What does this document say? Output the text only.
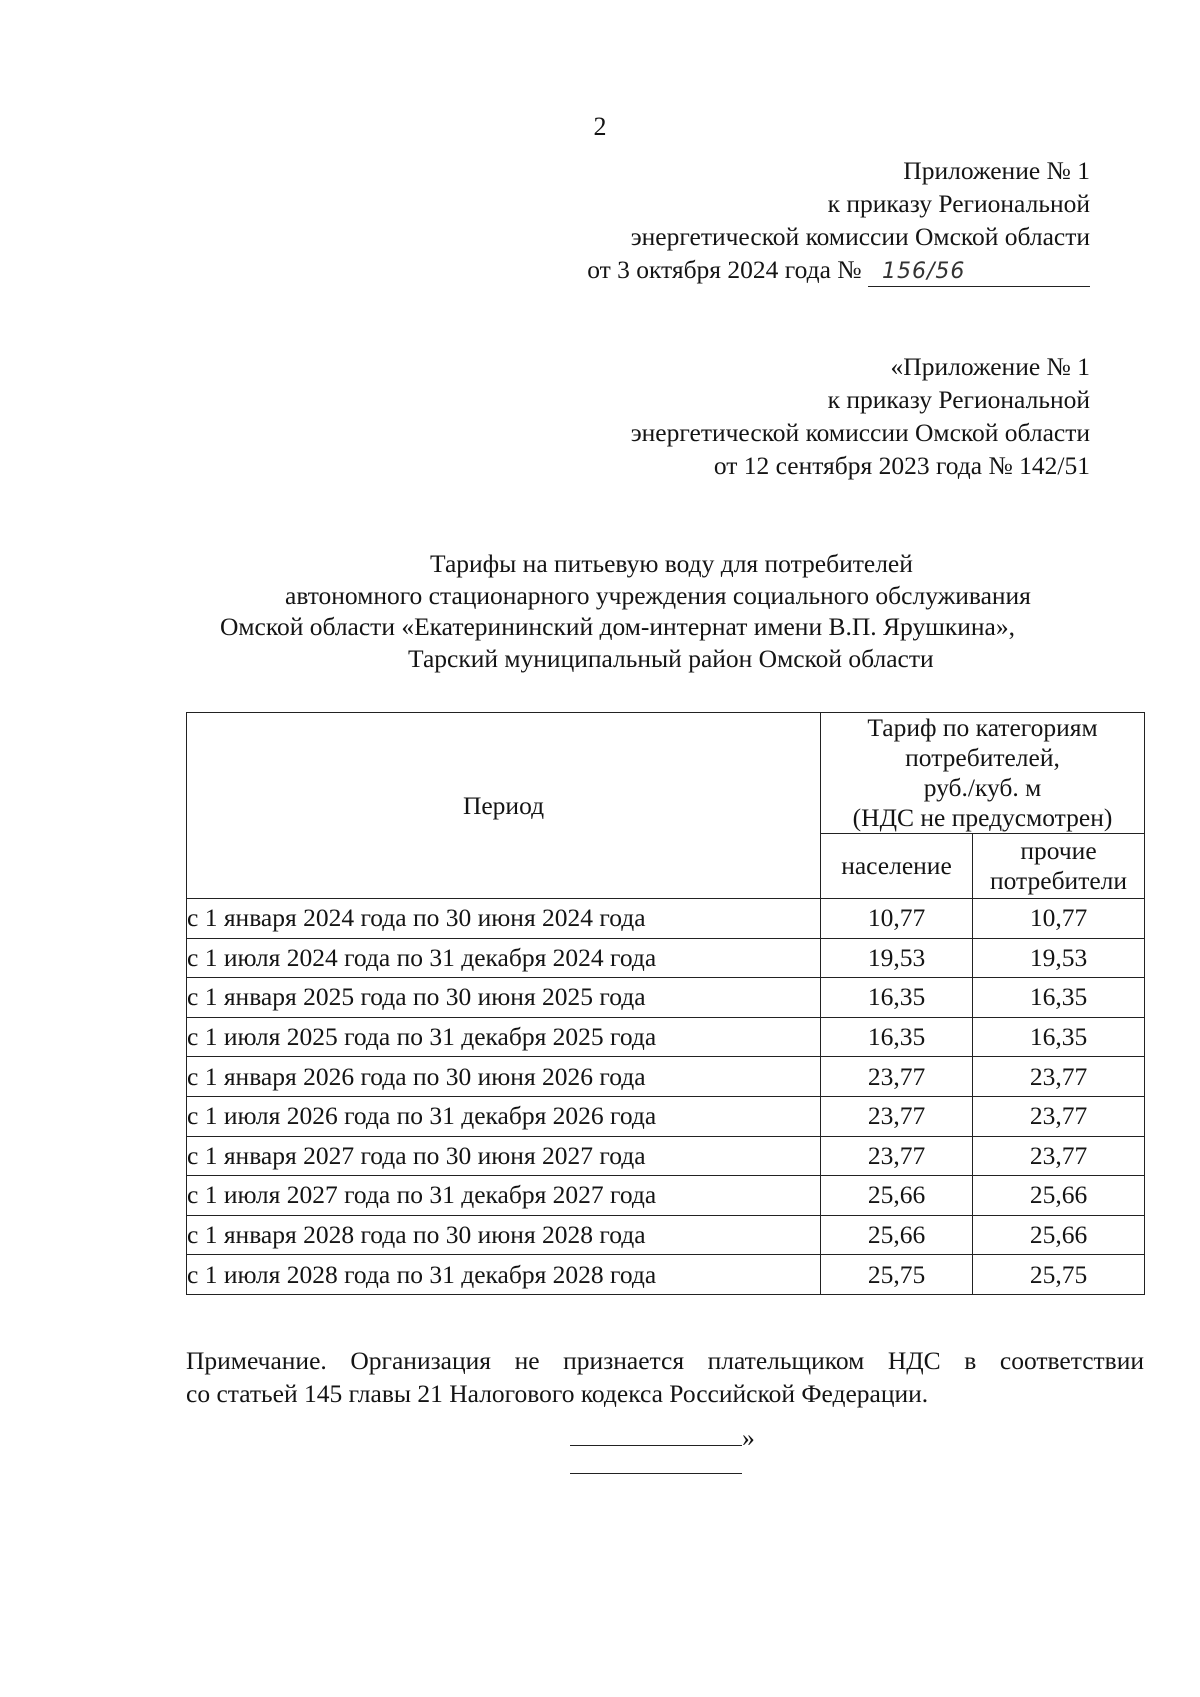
2
Приложение № 1
к приказу Региональной
энергетической комиссии Омской области
от 3 октября 2024 года № 156/56
«Приложение № 1
к приказу Региональной
энергетической комиссии Омской области
от 12 сентября 2023 года № 142/51
Тарифы на питьевую воду для потребителей
автономного стационарного учреждения социального обслуживания
Омской области «Екатерининский дом-интернат имени В.П. Ярушкина»,
Тарский муниципальный район Омской области
Период	Тариф по категориям
потребителей,
руб./куб. м
(НДС не предусмотрен)	

	население	прочие
потребители

с 1 января 2024 года по 30 июня 2024 года	10,77	10,77
с 1 июля 2024 года по 31 декабря 2024 года	19,53	19,53
с 1 января 2025 года по 30 июня 2025 года	16,35	16,35
с 1 июля 2025 года по 31 декабря 2025 года	16,35	16,35
с 1 января 2026 года по 30 июня 2026 года	23,77	23,77
с 1 июля 2026 года по 31 декабря 2026 года	23,77	23,77
с 1 января 2027 года по 30 июня 2027 года	23,77	23,77
с 1 июля 2027 года по 31 декабря 2027 года	25,66	25,66
с 1 января 2028 года по 30 июня 2028 года	25,66	25,66
с 1 июля 2028 года по 31 декабря 2028 года	25,75	25,75
Примечание. Организация не признается плательщиком НДС в соответствии
со статьей 145 главы 21 Налогового кодекса Российской Федерации.
»
